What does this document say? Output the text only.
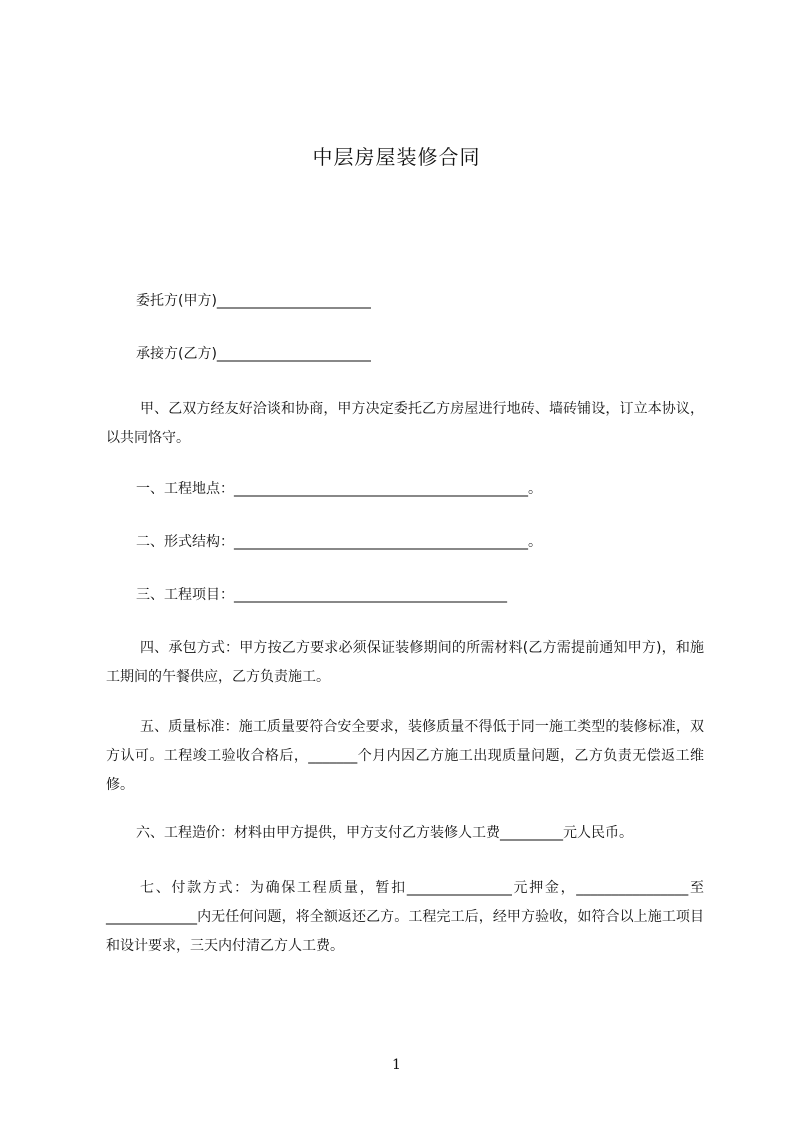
中层房屋装修合同
委托方(甲方)______________________
承接方(乙方)______________________
甲、乙双方经友好洽谈和协商，甲方决定委托乙方房屋进行地砖、墙砖铺设，订立本协议，以共同恪守。
一、工程地点：__________________________________________。
二、形式结构：__________________________________________。
三、工程项目：_______________________________________
四、承包方式：甲方按乙方要求必须保证装修期间的所需材料(乙方需提前通知甲方)，和施工期间的午餐供应，乙方负责施工。
五、质量标准：施工质量要符合安全要求，装修质量不得低于同一施工类型的装修标准，双方认可。工程竣工验收合格后，_______个月内因乙方施工出现质量问题，乙方负责无偿返工维修。
六、工程造价：材料由甲方提供，甲方支付乙方装修人工费_________元人民币。
七、付款方式：为确保工程质量，暂扣_______________元押金，________________至_____________内无任何问题，将全额返还乙方。工程完工后，经甲方验收，如符合以上施工项目和设计要求，三天内付清乙方人工费。
1
